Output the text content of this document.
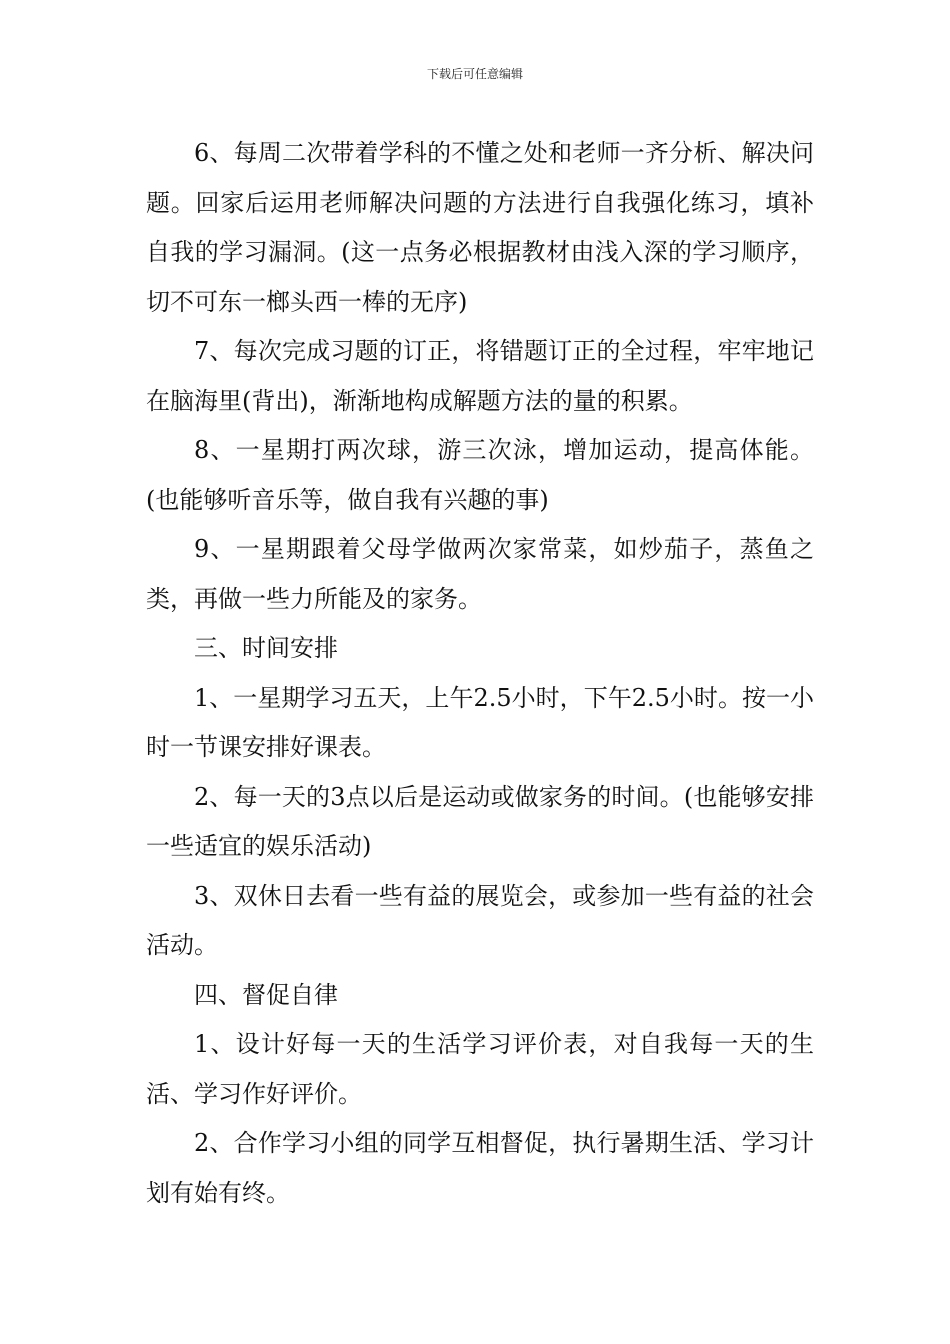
下载后可任意编辑

6、每周二次带着学科的不懂之处和老师一齐分析、解决问题。回家后运用老师解决问题的方法进行自我强化练习，填补自我的学习漏洞。(这一点务必根据教材由浅入深的学习顺序，切不可东一榔头西一棒的无序)

7、每次完成习题的订正，将错题订正的全过程，牢牢地记在脑海里(背出)，渐渐地构成解题方法的量的积累。

8、一星期打两次球，游三次泳，增加运动，提高体能。(也能够听音乐等，做自我有兴趣的事)

9、一星期跟着父母学做两次家常菜，如炒茄子，蒸鱼之类，再做一些力所能及的家务。

三、时间安排

1、一星期学习五天，上午2.5小时，下午2.5小时。按一小时一节课安排好课表。

2、每一天的3点以后是运动或做家务的时间。(也能够安排一些适宜的娱乐活动)

3、双休日去看一些有益的展览会，或参加一些有益的社会活动。

四、督促自律

1、设计好每一天的生活学习评价表，对自我每一天的生活、学习作好评价。

2、合作学习小组的同学互相督促，执行暑期生活、学习计划有始有终。
